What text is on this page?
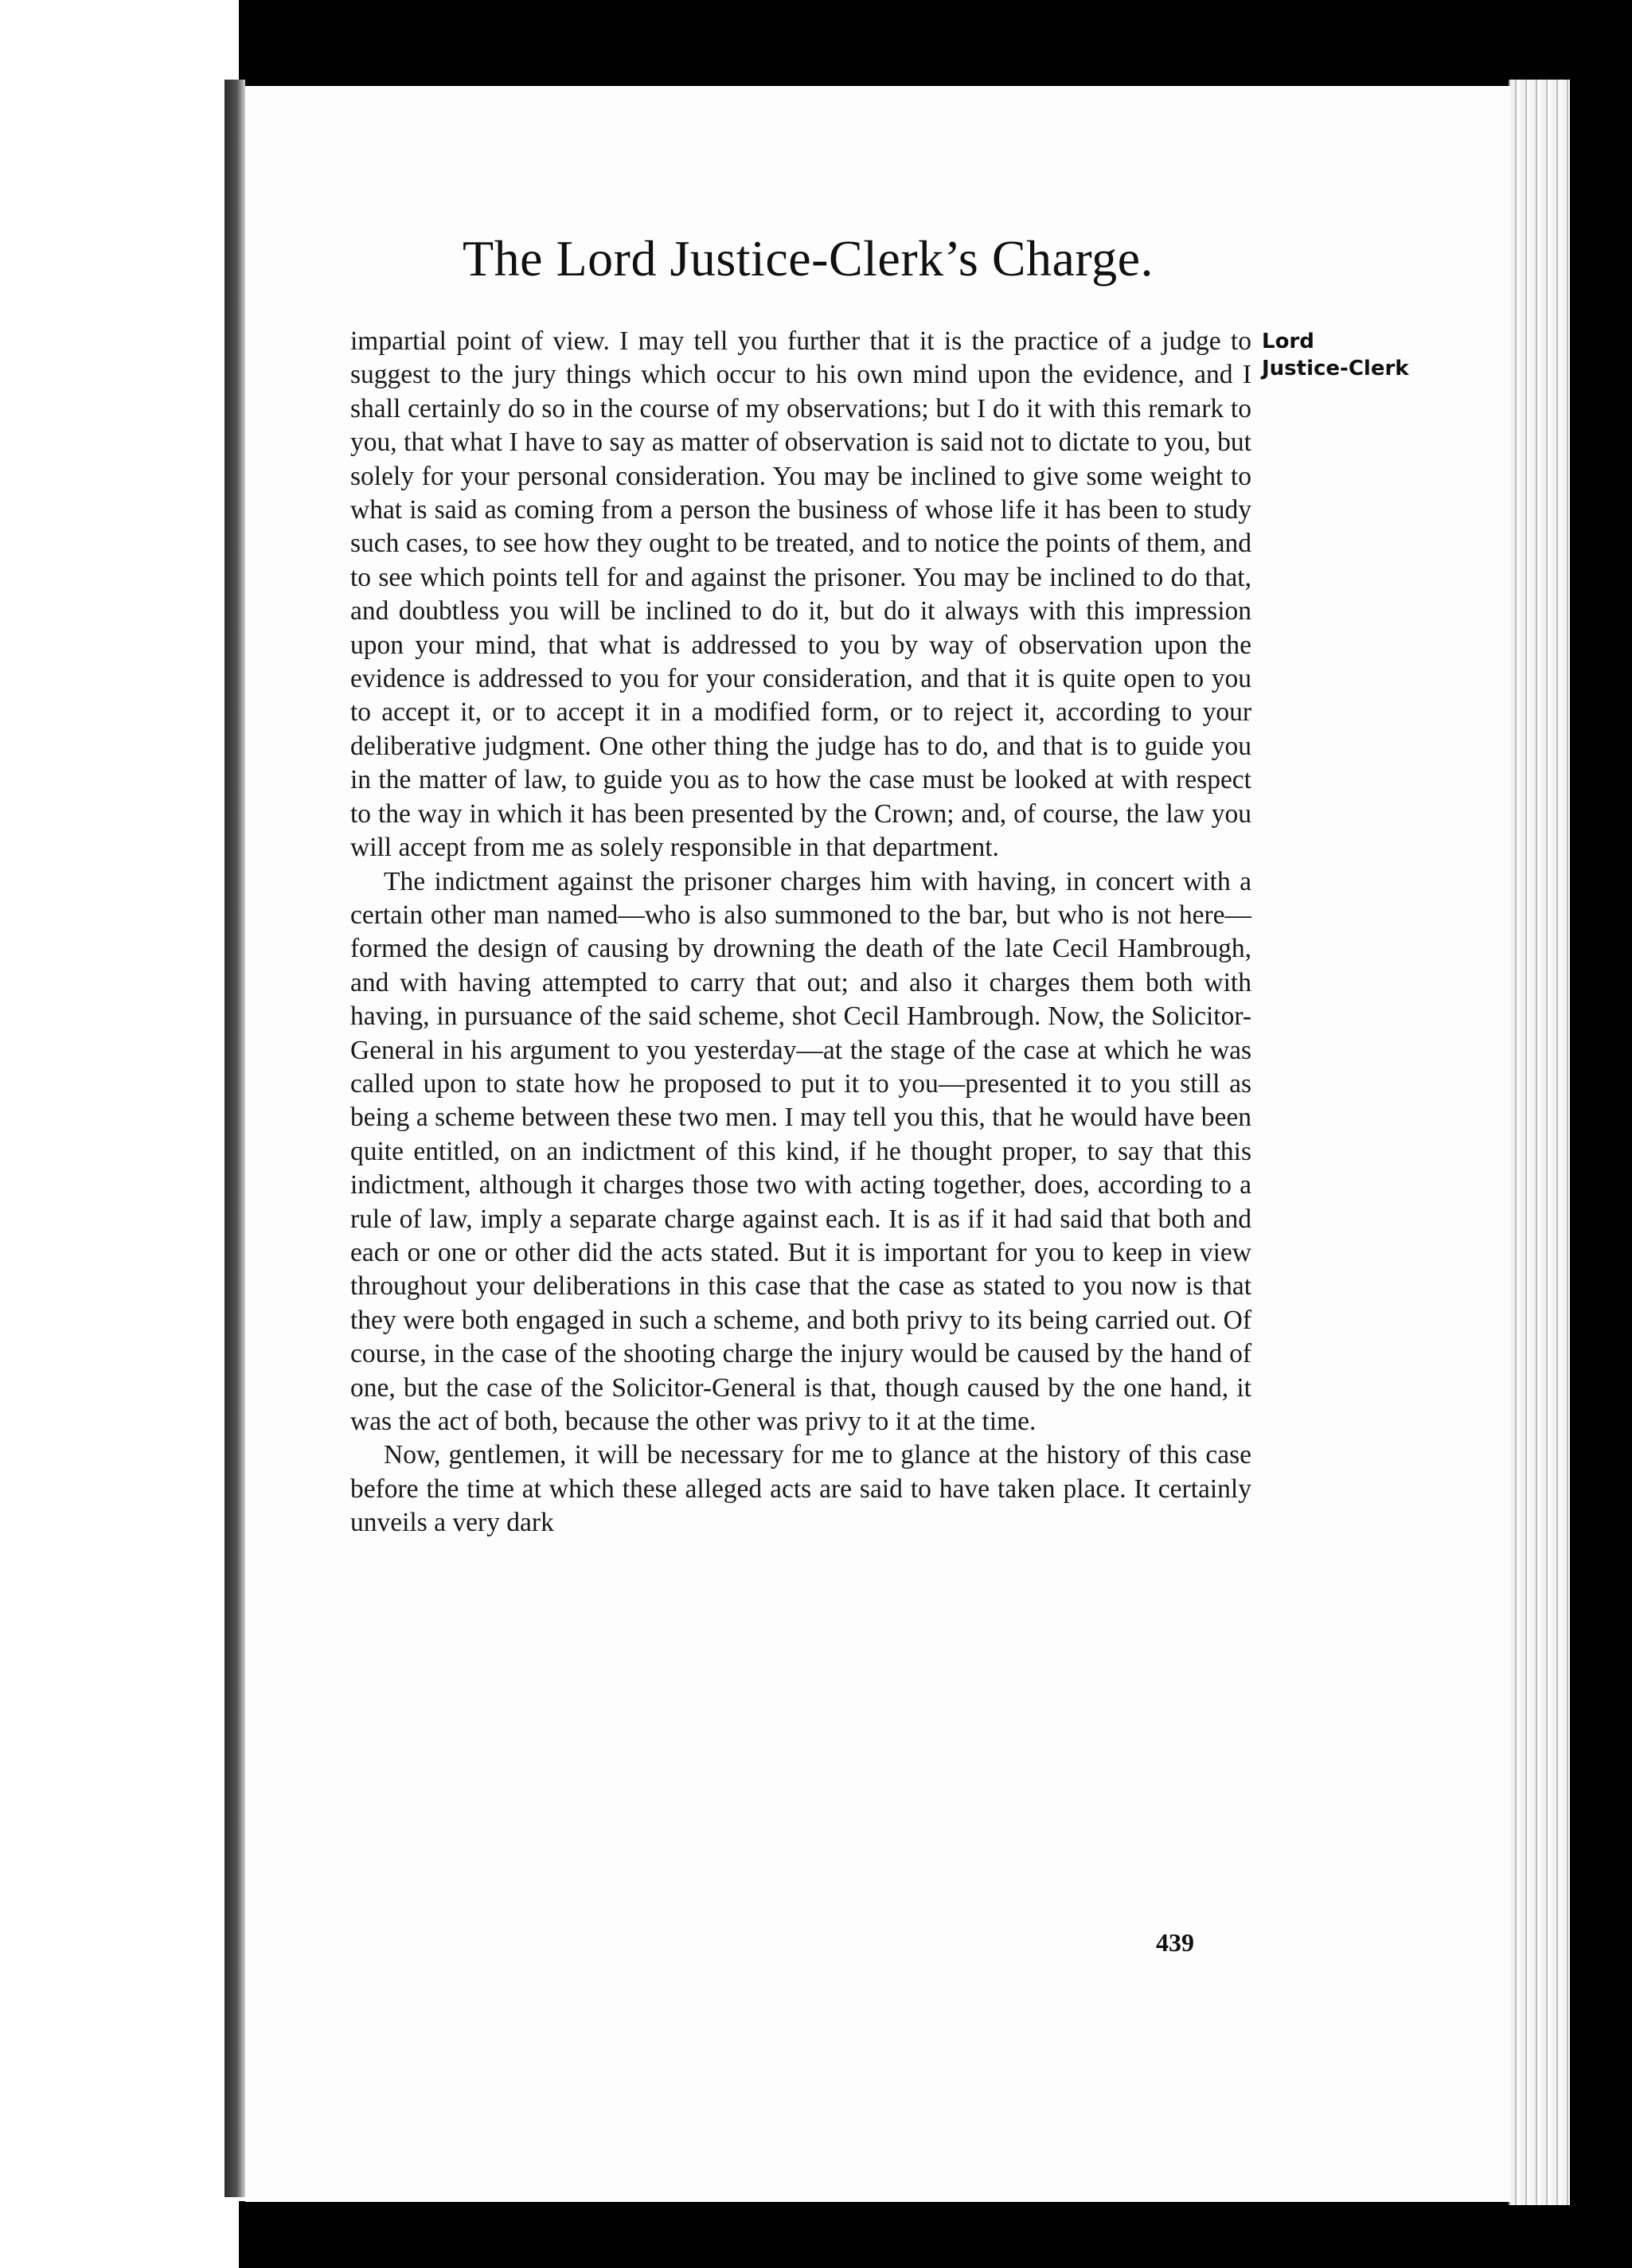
The Lord Justice-Clerk’s Charge.
Lord
Justice-Clerk

impartial point of view. I may tell you further that it is the practice of a judge to suggest to the jury things which occur to his own mind upon the evidence, and I shall certainly do so in the course of my observations; but I do it with this remark to you, that what I have to say as matter of observation is said not to dictate to you, but solely for your personal consideration. You may be inclined to give some weight to what is said as coming from a person the business of whose life it has been to study such cases, to see how they ought to be treated, and to notice the points of them, and to see which points tell for and against the prisoner. You may be inclined to do that, and doubtless you will be inclined to do it, but do it always with this impression upon your mind, that what is addressed to you by way of observation upon the evidence is addressed to you for your consideration, and that it is quite open to you to accept it, or to accept it in a modified form, or to reject it, according to your deliberative judgment. One other thing the judge has to do, and that is to guide you in the matter of law, to guide you as to how the case must be looked at with respect to the way in which it has been presented by the Crown; and, of course, the law you will accept from me as solely responsible in that department.

The indictment against the prisoner charges him with having, in concert with a certain other man named—who is also summoned to the bar, but who is not here—formed the design of causing by drowning the death of the late Cecil Hambrough, and with having attempted to carry that out; and also it charges them both with having, in pursuance of the said scheme, shot Cecil Hambrough. Now, the Solicitor-General in his argument to you yesterday—at the stage of the case at which he was called upon to state how he proposed to put it to you—presented it to you still as being a scheme between these two men. I may tell you this, that he would have been quite entitled, on an indictment of this kind, if he thought proper, to say that this indictment, although it charges those two with acting together, does, according to a rule of law, imply a separate charge against each. It is as if it had said that both and each or one or other did the acts stated. But it is important for you to keep in view throughout your deliberations in this case that the case as stated to you now is that they were both engaged in such a scheme, and both privy to its being carried out. Of course, in the case of the shooting charge the injury would be caused by the hand of one, but the case of the Solicitor-General is that, though caused by the one hand, it was the act of both, because the other was privy to it at the time.

Now, gentlemen, it will be necessary for me to glance at the history of this case before the time at which these alleged acts are said to have taken place. It certainly unveils a very dark

439
